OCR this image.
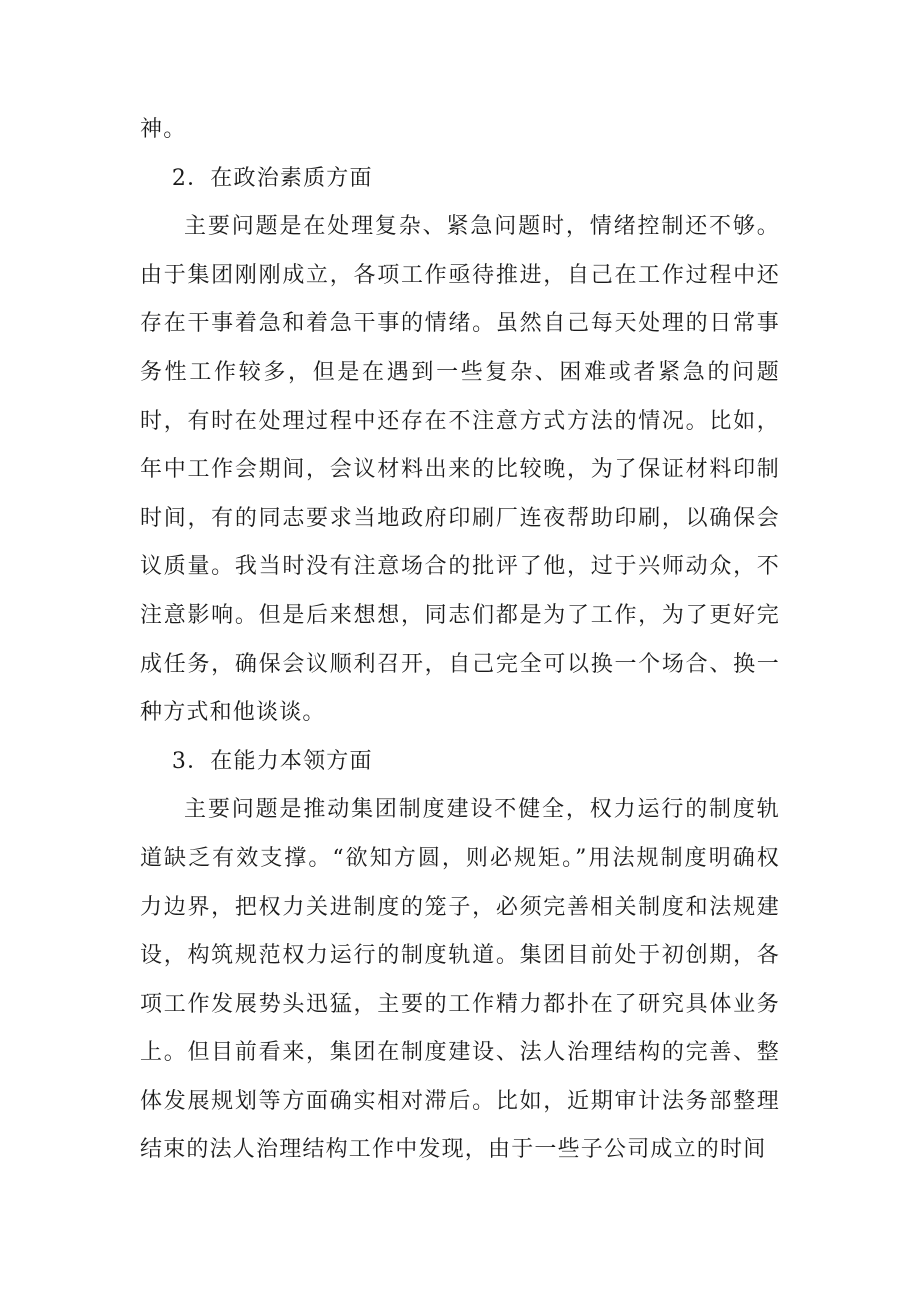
神。

2．在政治素质方面

主要问题是在处理复杂、紧急问题时，情绪控制还不够。由于集团刚刚成立，各项工作亟待推进，自己在工作过程中还存在干事着急和着急干事的情绪。虽然自己每天处理的日常事务性工作较多，但是在遇到一些复杂、困难或者紧急的问题时，有时在处理过程中还存在不注意方式方法的情况。比如，年中工作会期间，会议材料出来的比较晚，为了保证材料印制时间，有的同志要求当地政府印刷厂连夜帮助印刷，以确保会议质量。我当时没有注意场合的批评了他，过于兴师动众，不注意影响。但是后来想想，同志们都是为了工作，为了更好完成任务，确保会议顺利召开，自己完全可以换一个场合、换一种方式和他谈谈。

3．在能力本领方面

主要问题是推动集团制度建设不健全，权力运行的制度轨道缺乏有效支撑。“欲知方圆，则必规矩。”用法规制度明确权力边界，把权力关进制度的笼子，必须完善相关制度和法规建设，构筑规范权力运行的制度轨道。集团目前处于初创期，各项工作发展势头迅猛，主要的工作精力都扑在了研究具体业务上。但目前看来，集团在制度建设、法人治理结构的完善、整体发展规划等方面确实相对滞后。比如，近期审计法务部整理结束的法人治理结构工作中发现，由于一些子公司成立的时间
